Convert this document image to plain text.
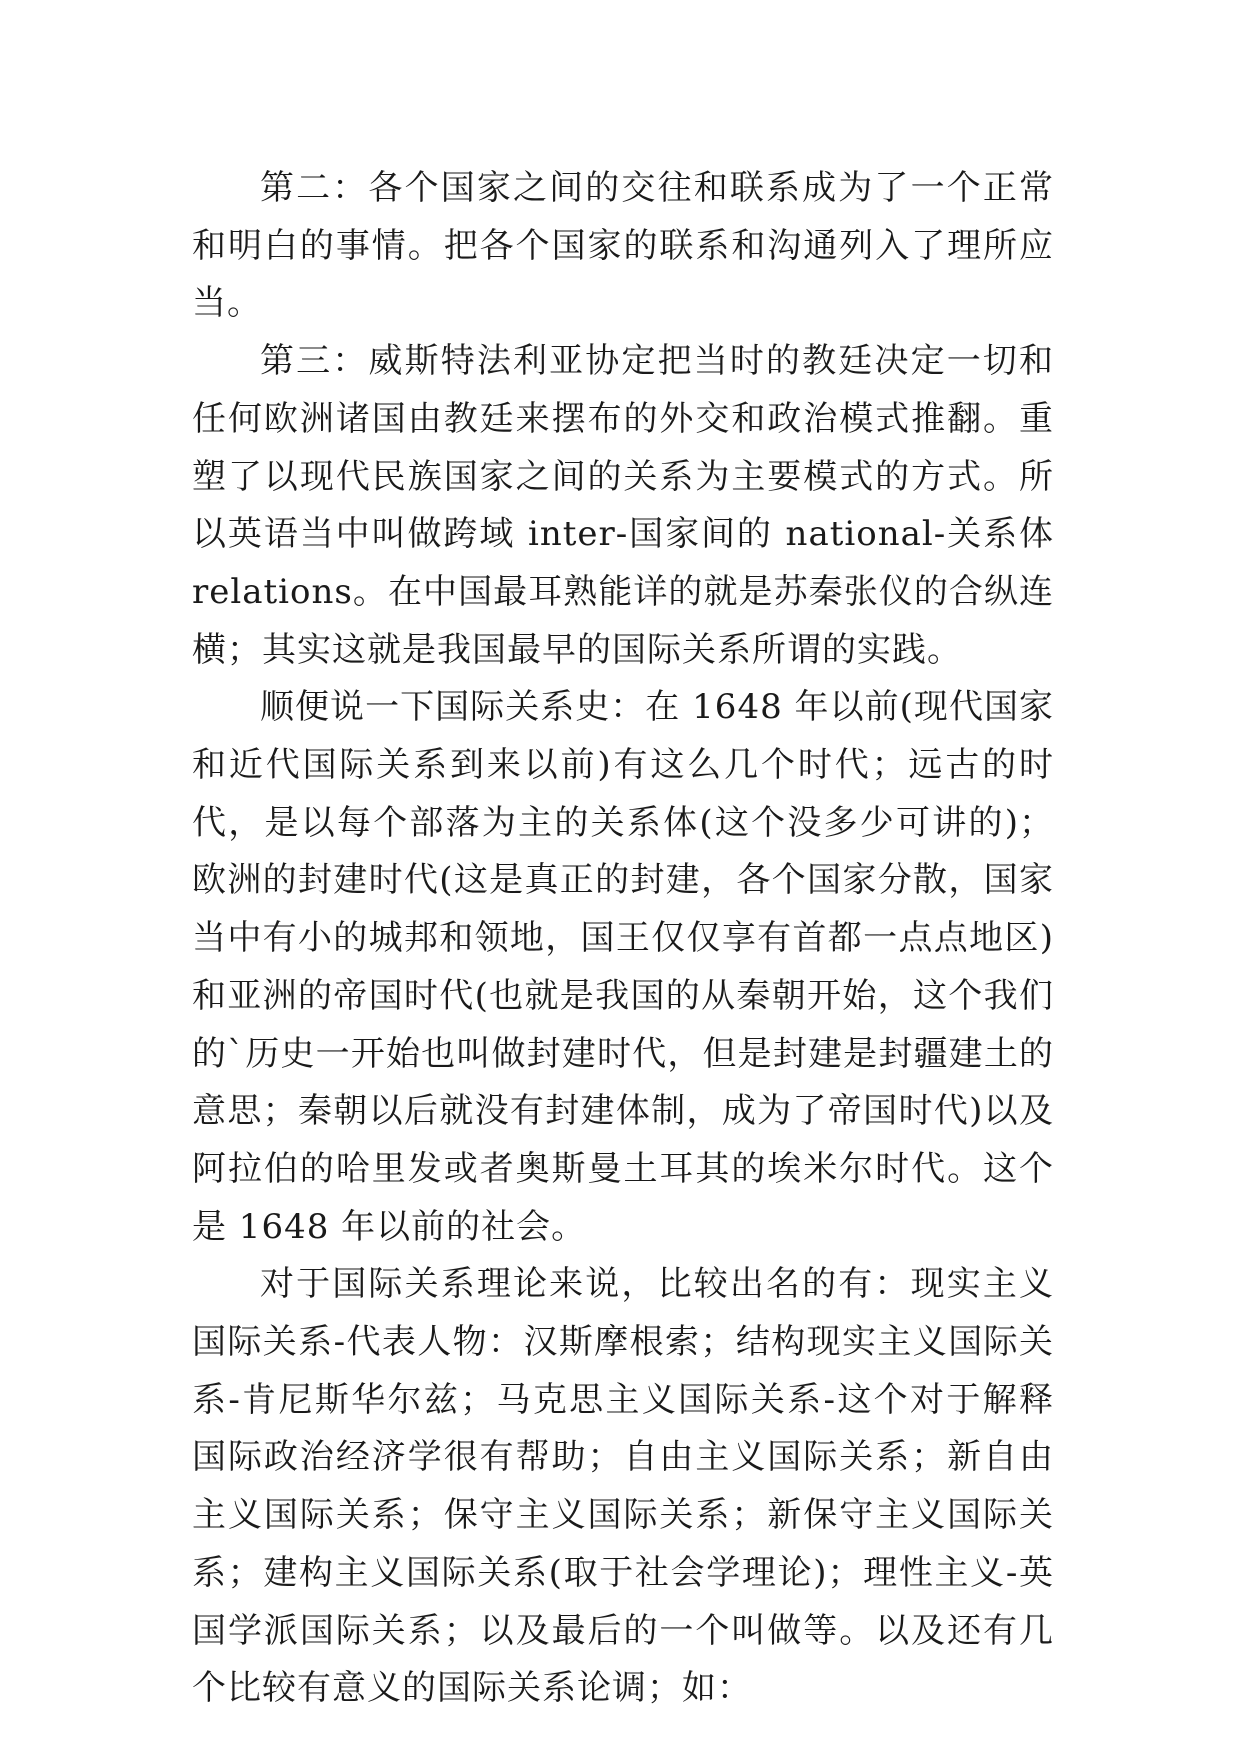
第二：各个国家之间的交往和联系成为了一个正常和明白的事情。把各个国家的联系和沟通列入了理所应当。

第三：威斯特法利亚协定把当时的教廷决定一切和任何欧洲诸国由教廷来摆布的外交和政治模式推翻。重塑了以现代民族国家之间的关系为主要模式的方式。所以英语当中叫做跨域 inter-国家间的 national-关系体 relations。在中国最耳熟能详的就是苏秦张仪的合纵连横；其实这就是我国最早的国际关系所谓的实践。

顺便说一下国际关系史：在 1648 年以前(现代国家和近代国际关系到来以前)有这么几个时代；远古的时代，是以每个部落为主的关系体(这个没多少可讲的)；欧洲的封建时代(这是真正的封建，各个国家分散，国家当中有小的城邦和领地，国王仅仅享有首都一点点地区)和亚洲的帝国时代(也就是我国的从秦朝开始，这个我们的`历史一开始也叫做封建时代，但是封建是封疆建土的意思；秦朝以后就没有封建体制，成为了帝国时代)以及阿拉伯的哈里发或者奥斯曼土耳其的埃米尔时代。这个是 1648 年以前的社会。

对于国际关系理论来说，比较出名的有：现实主义国际关系-代表人物：汉斯摩根索；结构现实主义国际关系-肯尼斯华尔兹；马克思主义国际关系-这个对于解释国际政治经济学很有帮助；自由主义国际关系；新自由主义国际关系；保守主义国际关系；新保守主义国际关系；建构主义国际关系(取于社会学理论)；理性主义-英国学派国际关系；以及最后的一个叫做等。以及还有几个比较有意义的国际关系论调；如：
